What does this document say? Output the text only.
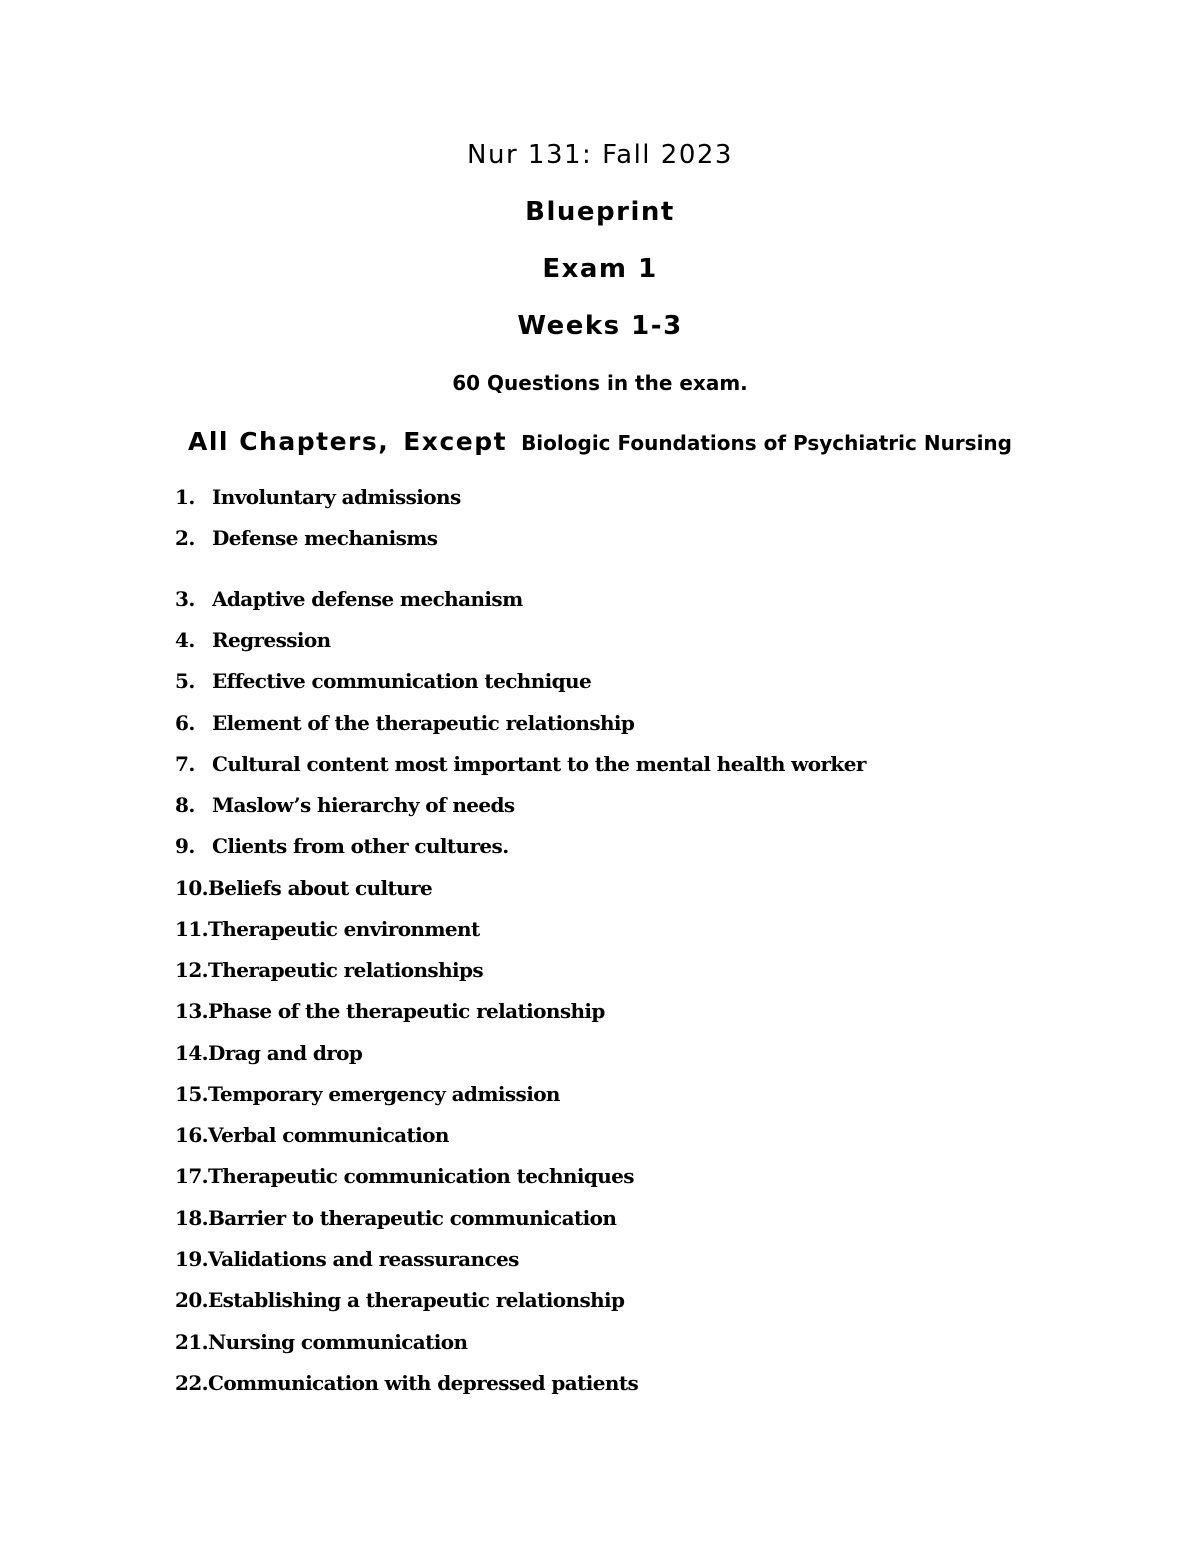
Nur 131: Fall 2023
Blueprint
Exam 1
Weeks 1-3
60 Questions in the exam.
All Chapters, Except Biologic Foundations of Psychiatric Nursing
1. Involuntary admissions
2. Defense mechanisms
3. Adaptive defense mechanism
4. Regression
5. Effective communication technique
6. Element of the therapeutic relationship
7. Cultural content most important to the mental health worker
8. Maslow’s hierarchy of needs
9. Clients from other cultures.
10.Beliefs about culture
11.Therapeutic environment
12.Therapeutic relationships
13.Phase of the therapeutic relationship
14.Drag and drop
15.Temporary emergency admission
16.Verbal communication
17.Therapeutic communication techniques
18.Barrier to therapeutic communication
19.Validations and reassurances
20.Establishing a therapeutic relationship
21.Nursing communication
22.Communication with depressed patients
